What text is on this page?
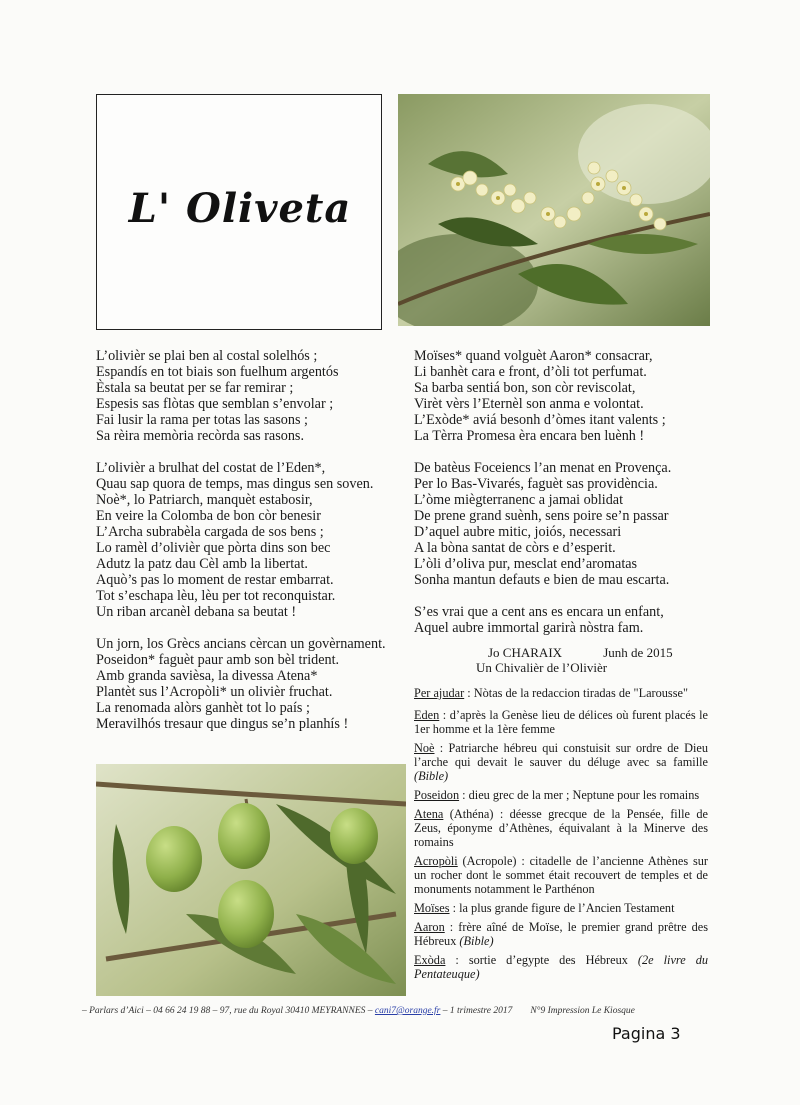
L' Oliveta
L’olivièr se plai ben al costal solelhós ;
Espandís en tot biais son fuelhum argentós
Èstala sa beutat per se far remirar ;
Espesis sas flòtas que semblan s’envolar ;
Fai lusir la rama per totas las sasons ;
Sa rèira memòria recòrda sas rasons.
L’olivièr a brulhat del costat de l’Eden*,
Quau sap quora de temps, mas dingus sen soven.
Noè*, lo Patriarch, manquèt estabosir,
En veire la Colomba de bon còr benesir
L’Archa subrabèla cargada de sos bens ;
Lo ramèl d’olivièr que pòrta dins son bec
Adutz la patz dau Cèl amb la libertat.
Aquò’s pas lo moment de restar embarrat.
Tot s’eschapa lèu, lèu per tot reconquistar.
Un riban arcanèl debana sa beutat !
Un jorn, los Grècs ancians cèrcan un govèrnament.
Poseidon* faguèt paur amb son bèl trident.
Amb granda savièsa, la divessa Atena*
Plantèt sus l’Acropòli* un olivièr fruchat.
La renomada alòrs ganhèt tot lo país ;
Meravilhós tresaur que dingus se’n planhís !
Moïses* quand volguèt Aaron* consacrar,
Li banhèt cara e front, d’òli tot perfumat.
Sa barba sentiá bon, son còr reviscolat,
Virèt vèrs l’Eternèl son anma e volontat.
L’Exòde* aviá besonh d’òmes itant valents ;
La Tèrra Promesa èra encara ben luènh !
De batèus Foceiencs l’an menat en Provença.
Per lo Bas-Vivarés, faguèt sas providència.
L’òme miègterranenc a jamai oblidat
De prene grand suènh, sens poire se’n passar
D’aquel aubre mitic, joiós, necessari
A la bòna santat de còrs e d’esperit.
L’òli d’oliva pur, mesclat end’aromatas
Sonha mantun defauts e bien de mau escarta.
S’es vrai que a cent ans es encara un enfant,
Aquel aubre immortal garirà nòstra fam.
Jo CHARAIX	Junh de 2015
Un Chivalièr de l’Olivièr
Per ajudar : Nòtas de la redaccion tiradas de "Larousse"
Eden : d’après la Genèse lieu de délices où furent placés le 1er homme et la 1ère femme
Noè : Patriarche hébreu qui constuisit sur ordre de Dieu l’arche qui devait le sauver du déluge avec sa famille (Bible)
Poseidon : dieu grec de la mer ; Neptune pour les romains
Atena (Athéna) : déesse grecque de la Pensée, fille de Zeus, éponyme d’Athènes, équivalant à la Minerve des romains
Acropòli (Acropole) : citadelle de l’ancienne Athènes sur un rocher dont le sommet était recouvert de temples et de monuments notamment le Parthénon
Moïses : la plus grande figure de l’Ancien Testament
Aaron : frère aîné de Moïse, le premier grand prêtre des Hébreux (Bible)
Exòda : sortie d’egypte des Hébreux (2e livre du Pentateuque)
– Parlars d’Aici – 04 66 24 19 88 – 97, rue du Royal 30410 MEYRANNES – cani7@orange.fr – 1 trimestre 2017 N°9 Impression Le Kiosque
Pagina 3
